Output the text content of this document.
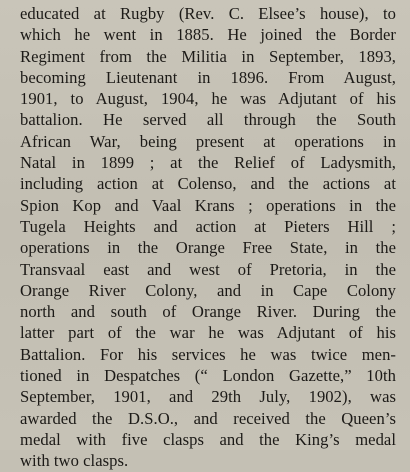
educated at Rugby (Rev. C. Elsee’s house), to
which he went in 1885. He joined the Border
Regiment from the Militia in September, 1893,
becoming Lieutenant in 1896. From August,
1901, to August, 1904, he was Adjutant of his
battalion. He served all through the South
African War, being present at operations in
Natal in 1899 ; at the Relief of Ladysmith,
including action at Colenso, and the actions at
Spion Kop and Vaal Krans ; operations in the
Tugela Heights and action at Pieters Hill ;
operations in the Orange Free State, in the
Transvaal east and west of Pretoria, in the
Orange River Colony, and in Cape Colony
north and south of Orange River. During the
latter part of the war he was Adjutant of his
Battalion. For his services he was twice men-
tioned in Despatches (“ London Gazette,” 10th
September, 1901, and 29th July, 1902), was
awarded the D.S.O., and received the Queen’s
medal with five clasps and the King’s medal
with two clasps.
